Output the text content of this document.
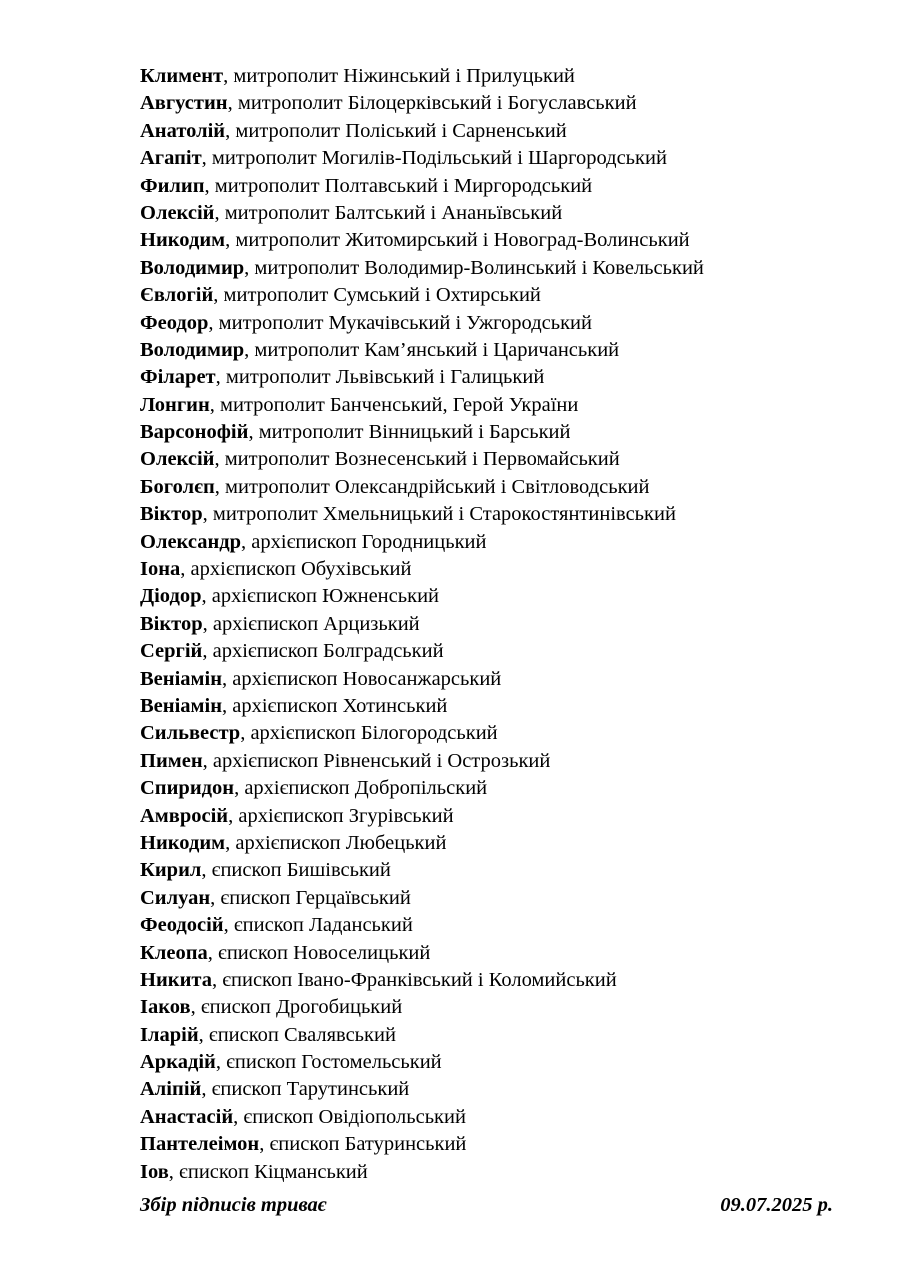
Климент, митрополит Ніжинський і Прилуцький
Августин, митрополит Білоцерківський і Богуславський
Анатолій, митрополит Поліський і Сарненський
Агапіт, митрополит Могилів-Подільський і Шаргородський
Филип, митрополит Полтавський і Миргородський
Олексій, митрополит Балтський і Ананьївський
Никодим, митрополит Житомирський і Новоград-Волинський
Володимир, митрополит Володимир-Волинський і Ковельський
Євлогій, митрополит Сумський і Охтирський
Феодор, митрополит Мукачівський і Ужгородський
Володимир, митрополит Кам’янський і Царичанський
Філарет, митрополит Львівський і Галицький
Лонгин, митрополит Банченський, Герой України
Варсонофій, митрополит Вінницький і Барський
Олексій, митрополит Вознесенський і Первомайський
Боголєп, митрополит Олександрійський і Світловодський
Віктор, митрополит Хмельницький і Старокостянтинівський
Олександр, архієпископ Городницький
Іона, архієпископ Обухівський
Діодор, архієпископ Южненський
Віктор, архієпископ Арцизький
Сергій, архієпископ Болградський
Веніамін, архієпископ Новосанжарський
Веніамін, архієпископ Хотинський
Сильвестр, архієпископ Білогородський
Пимен, архієпископ Рівненський і Острозький
Спиридон, архієпископ Добропільский
Амвросій, архієпископ Згурівський
Никодим, архієпископ Любецький
Кирил, єпископ Бишівський
Силуан, єпископ Герцаївський
Феодосій, єпископ Ладанський
Клеопа, єпископ Новоселицький
Никита, єпископ Івано-Франківський і Коломийський
Іаков, єпископ Дрогобицький
Іларій, єпископ Свалявський
Аркадій, єпископ Гостомельський
Аліпій, єпископ Тарутинський
Анастасій, єпископ Овідіопольський
Пантелеімон, єпископ Батуринський
Іов, єпископ Кіцманський
Збір підписів триває	09.07.2025 р.
